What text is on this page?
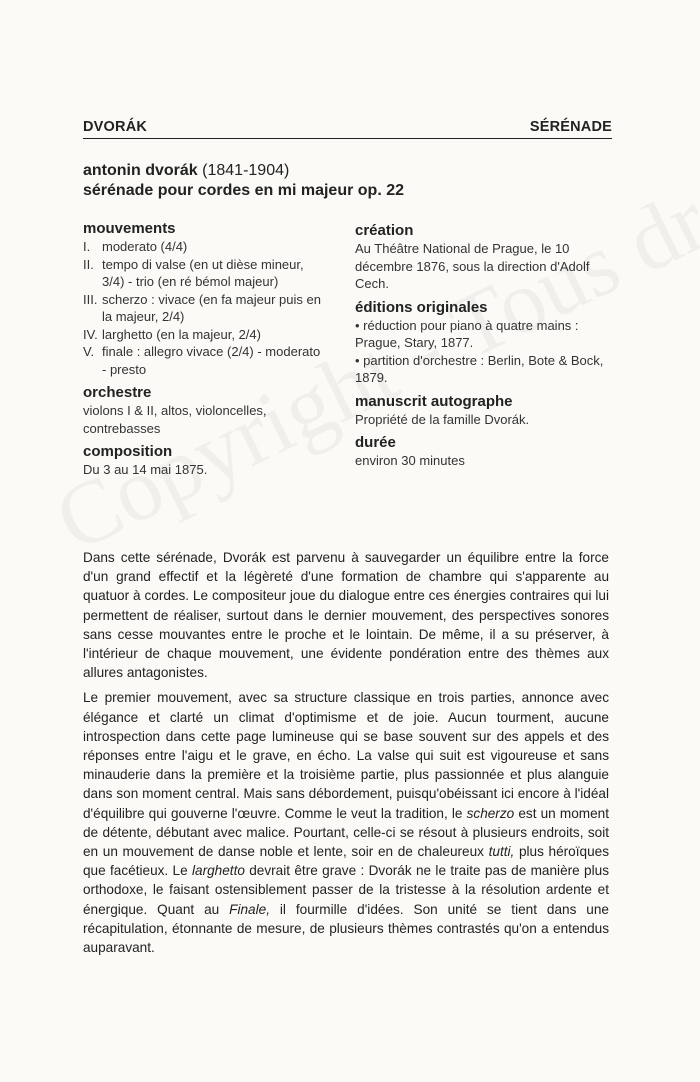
DVORÁK	SÉRÉNADE
antonin dvorák (1841-1904)
sérénade pour cordes en mi majeur op. 22
mouvements
I. moderato (4/4)
II. tempo di valse (en ut dièse mineur, 3/4) - trio (en ré bémol majeur)
III. scherzo : vivace (en fa majeur puis en la majeur, 2/4)
IV. larghetto (en la majeur, 2/4)
V. finale : allegro vivace (2/4) - moderato - presto
orchestre
violons I & II, altos, violoncelles, contrebasses
composition
Du 3 au 14 mai 1875.
création
Au Théâtre National de Prague, le 10 décembre 1876, sous la direction d'Adolf Cech.
éditions originales
• réduction pour piano à quatre mains : Prague, Stary, 1877.
• partition d'orchestre : Berlin, Bote & Bock, 1879.
manuscrit autographe
Propriété de la famille Dvorák.
durée
environ 30 minutes

Dans cette sérénade, Dvorák est parvenu à sauvegarder un équilibre entre la force d'un grand effectif et la légèreté d'une formation de chambre qui s'apparente au quatuor à cordes. Le compositeur joue du dialogue entre ces énergies contraires qui lui permettent de réaliser, surtout dans le dernier mouvement, des perspectives sonores sans cesse mouvantes entre le proche et le lointain. De même, il a su préserver, à l'intérieur de chaque mouvement, une évidente pondération entre des thèmes aux allures antagonistes.

Le premier mouvement, avec sa structure classique en trois parties, annonce avec élégance et clarté un climat d'optimisme et de joie. Aucun tourment, aucune introspection dans cette page lumineuse qui se base souvent sur des appels et des réponses entre l'aigu et le grave, en écho. La valse qui suit est vigoureuse et sans minauderie dans la première et la troisième partie, plus passionnée et plus alanguie dans son moment central. Mais sans débordement, puisqu'obéissant ici encore à l'idéal d'équilibre qui gouverne l'œuvre. Comme le veut la tradition, le scherzo est un moment de détente, débutant avec malice. Pourtant, celle-ci se résout à plusieurs endroits, soit en un mouvement de danse noble et lente, soir en de chaleureux tutti, plus héroïques que facétieux. Le larghetto devrait être grave : Dvorák ne le traite pas de manière plus orthodoxe, le faisant ostensiblement passer de la tristesse à la résolution ardente et énergique. Quant au Finale, il fourmille d'idées. Son unité se tient dans une récapitulation, étonnante de mesure, de plusieurs thèmes contrastés qu'on a entendus auparavant.
